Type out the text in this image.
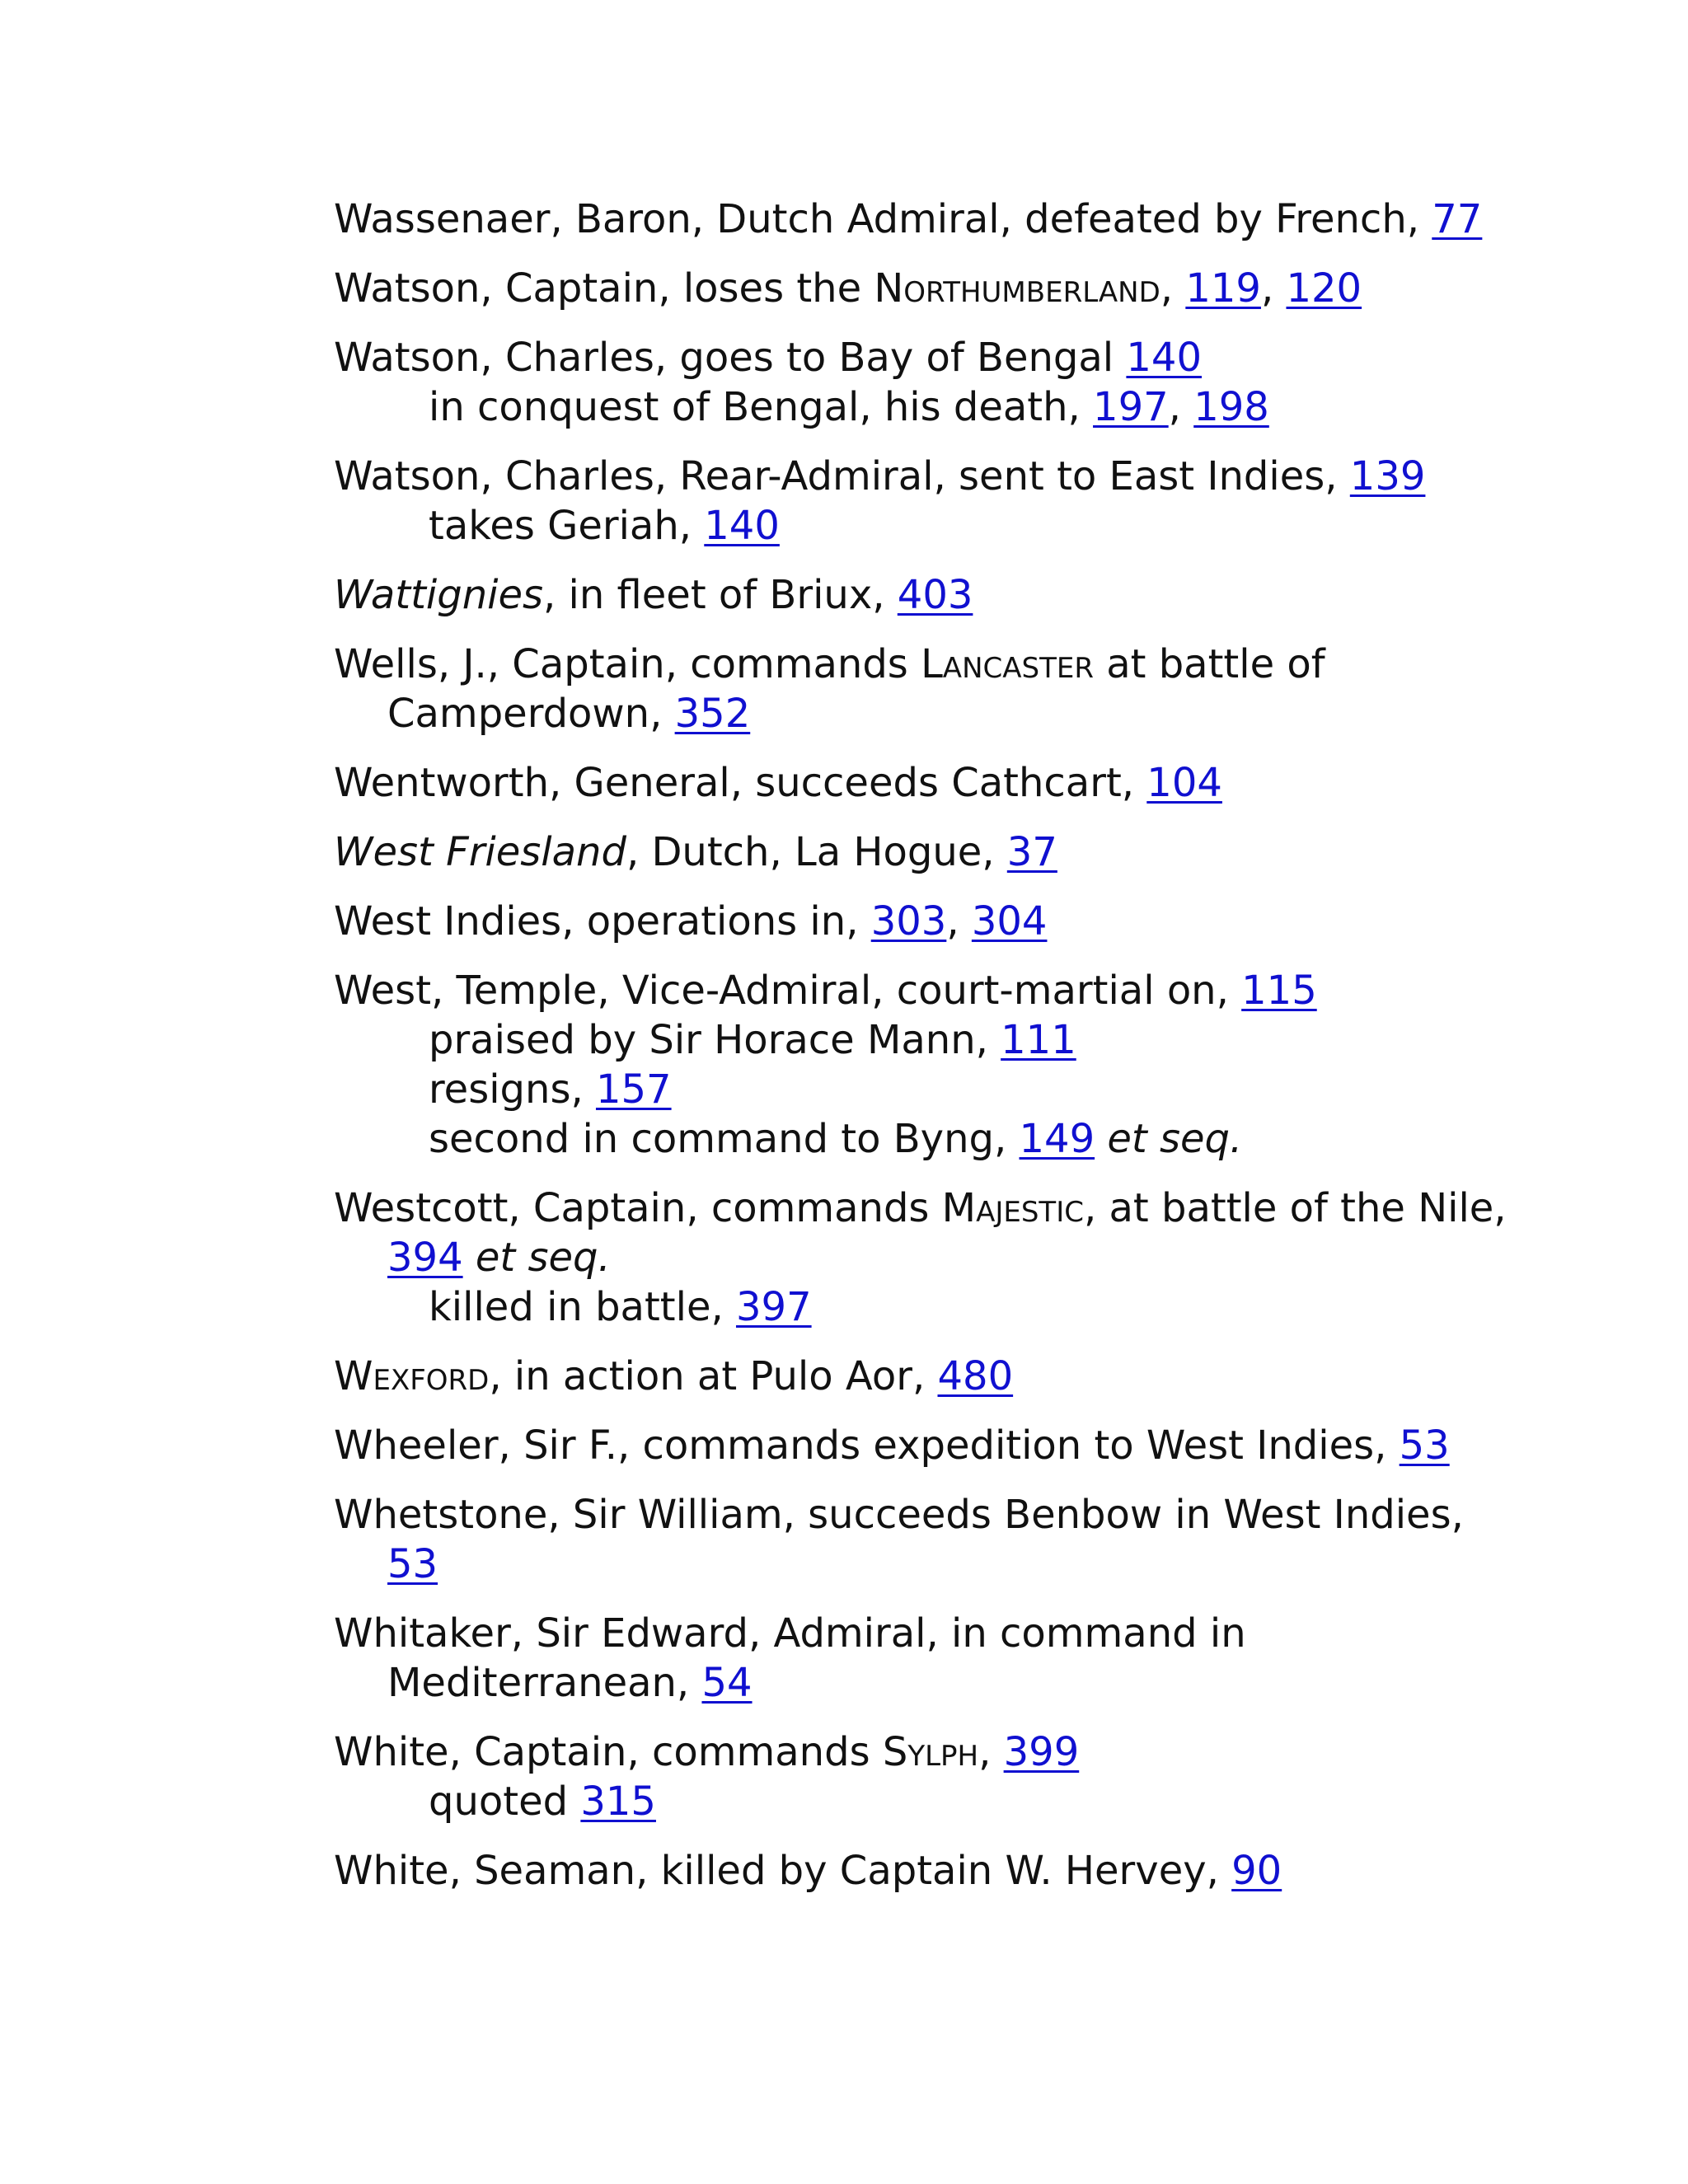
Wassenaer, Baron, Dutch Admiral, defeated by French, 77
Watson, Captain, loses the Northumberland, 119, 120
Watson, Charles, goes to Bay of Bengal 140
in conquest of Bengal, his death, 197, 198
Watson, Charles, Rear-Admiral, sent to East Indies, 139
takes Geriah, 140
Wattignies, in fleet of Briux, 403
Wells, J., Captain, commands Lancaster at battle of
Camperdown, 352
Wentworth, General, succeeds Cathcart, 104
West Friesland, Dutch, La Hogue, 37
West Indies, operations in, 303, 304
West, Temple, Vice-Admiral, court-martial on, 115
praised by Sir Horace Mann, 111
resigns, 157
second in command to Byng, 149 et seq.
Westcott, Captain, commands Majestic, at battle of the Nile,
394 et seq.
killed in battle, 397
Wexford, in action at Pulo Aor, 480
Wheeler, Sir F., commands expedition to West Indies, 53
Whetstone, Sir William, succeeds Benbow in West Indies,
53
Whitaker, Sir Edward, Admiral, in command in
Mediterranean, 54
White, Captain, commands Sylph, 399
quoted 315
White, Seaman, killed by Captain W. Hervey, 90
